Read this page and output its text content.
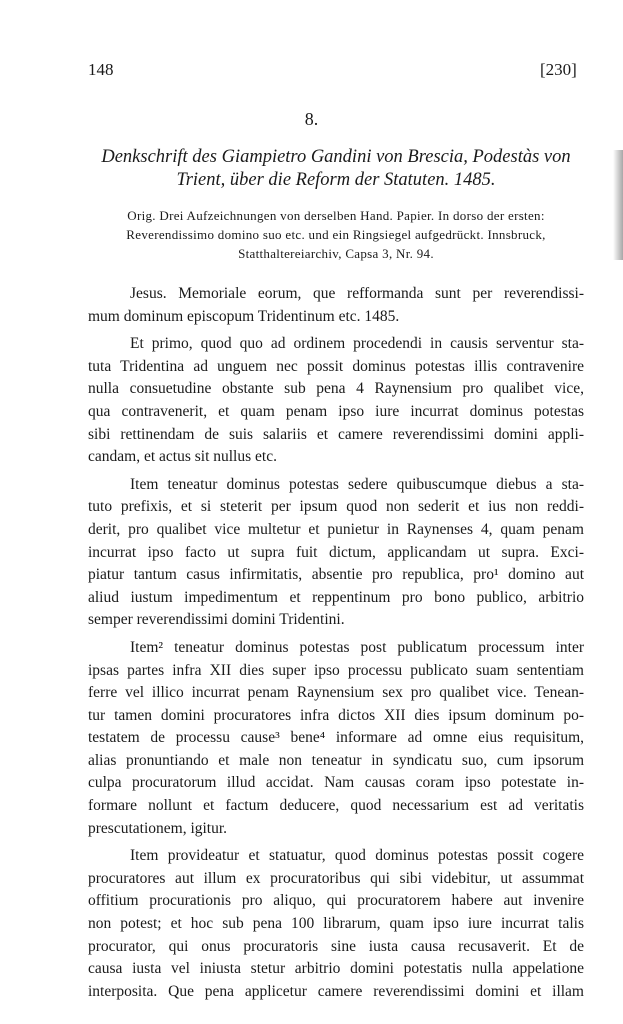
148	[230]
8.
Denkschrift des Giampietro Gandini von Brescia, Podestàs von
Trient, über die Reform der Statuten. 1485.
Orig. Drei Aufzeichnungen von derselben Hand. Papier. In dorso der ersten:
Reverendissimo domino suo etc. und ein Ringsiegel aufgedrückt. Innsbruck,
Statthaltereiarchiv, Capsa 3, Nr. 94.
Jesus. Memoriale eorum, que refformanda sunt per reverendissi-
mum dominum episcopum Tridentinum etc. 1485.
Et primo, quod quo ad ordinem procedendi in causis serventur sta-
tuta Tridentina ad unguem nec possit dominus potestas illis contravenire
nulla consuetudine obstante sub pena 4 Raynensium pro qualibet vice,
qua contravenerit, et quam penam ipso iure incurrat dominus potestas
sibi rettinendam de suis salariis et camere reverendissimi domini appli-
candam, et actus sit nullus etc.
Item teneatur dominus potestas sedere quibuscumque diebus a sta-
tuto prefixis, et si steterit per ipsum quod non sederit et ius non reddi-
derit, pro qualibet vice multetur et punietur in Raynenses 4, quam penam
incurrat ipso facto ut supra fuit dictum, applicandam ut supra. Exci-
piatur tantum casus infirmitatis, absentie pro republica, pro¹ domino aut
aliud iustum impedimentum et reppentinum pro bono publico, arbitrio
semper reverendissimi domini Tridentini.
Item² teneatur dominus potestas post publicatum processum inter
ipsas partes infra XII dies super ipso processu publicato suam sententiam
ferre vel illico incurrat penam Raynensium sex pro qualibet vice. Tenean-
tur tamen domini procuratores infra dictos XII dies ipsum dominum po-
testatem de processu cause³ bene⁴ informare ad omne eius requisitum,
alias pronuntiando et male non teneatur in syndicatu suo, cum ipsorum
culpa procuratorum illud accidat. Nam causas coram ipso potestate in-
formare nollunt et factum deducere, quod necessarium est ad veritatis
prescutationem, igitur.
Item provideatur et statuatur, quod dominus potestas possit cogere
procuratores aut illum ex procuratoribus qui sibi videbitur, ut assummat
offitium procurationis pro aliquo, qui procuratorem habere aut invenire
non potest; et hoc sub pena 100 librarum, quam ipso iure incurrat talis
procurator, qui onus procuratoris sine iusta causa recusaverit. Et de
causa iusta vel iniusta stetur arbitrio domini potestatis nulla appelatione
interposita. Que pena applicetur camere reverendissimi domini et illam
